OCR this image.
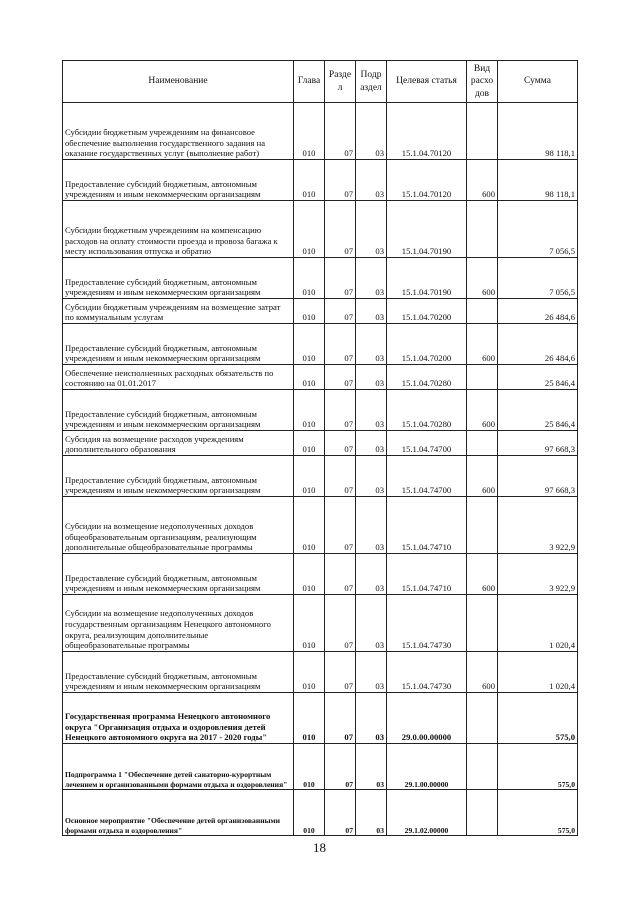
Наименование	Глава	Разде л	Подр аздел	Целевая статья	Вид расхо дов	Сумма
Субсидии бюджетным учреждениям на финансовое обеспечение выполнения государственного задания на оказание государственных услуг (выполнение работ)	010	07	03	15.1.04.70120		98 118,1
Предоставление субсидий бюджетным, автономным учреждениям и иным некоммерческим организациям	010	07	03	15.1.04.70120	600	98 118,1
Субсидии бюджетным учреждениям на компенсацию расходов на оплату стоимости проезда и провоза багажа к месту использования отпуска и обратно	010	07	03	15.1.04.70190		7 056,5
Предоставление субсидий бюджетным, автономным учреждениям и иным некоммерческим организациям	010	07	03	15.1.04.70190	600	7 056,5
Субсидии бюджетным учреждениям на возмещение затрат по коммунальным услугам	010	07	03	15.1.04.70200		26 484,6
Предоставление субсидий бюджетным, автономным учреждениям и иным некоммерческим организациям	010	07	03	15.1.04.70200	600	26 484,6
Обеспечение неисполненных расходных обязательств по состоянию на 01.01.2017	010	07	03	15.1.04.70280		25 846,4
Предоставление субсидий бюджетным, автономным учреждениям и иным некоммерческим организациям	010	07	03	15.1.04.70280	600	25 846,4
Субсидия на возмещение расходов учреждениям дополнительного образования	010	07	03	15.1.04.74700		97 668,3
Предоставление субсидий бюджетным, автономным учреждениям и иным некоммерческим организациям	010	07	03	15.1.04.74700	600	97 668,3
Субсидии на возмещение недополученных доходов общеобразовательным организациям, реализующим дополнительные общеобразовательные программы	010	07	03	15.1.04.74710		3 922,9
Предоставление субсидий бюджетным, автономным учреждениям и иным некоммерческим организациям	010	07	03	15.1.04.74710	600	3 922,9
Субсидии на возмещение недополученных доходов государственным организациям Ненецкого автономного округа, реализующим дополнительные общеобразовательные программы	010	07	03	15.1.04.74730		1 020,4
Предоставление субсидий бюджетным, автономным учреждениям и иным некоммерческим организациям	010	07	03	15.1.04.74730	600	1 020,4
Государственная программа Ненецкого автономного округа "Организация отдыха и оздоровления детей Ненецкого автономного округа на 2017 - 2020 годы"	010	07	03	29.0.00.00000		575,0
Подпрограмма 1 "Обеспечение детей санаторно-курортным лечением и организованными формами отдыха и оздоровления"	010	07	03	29.1.00.00000		575,0
Основное мероприятие "Обеспечение детей организованными формами отдыха и оздоровления"	010	07	03	29.1.02.00000		575,0
18
